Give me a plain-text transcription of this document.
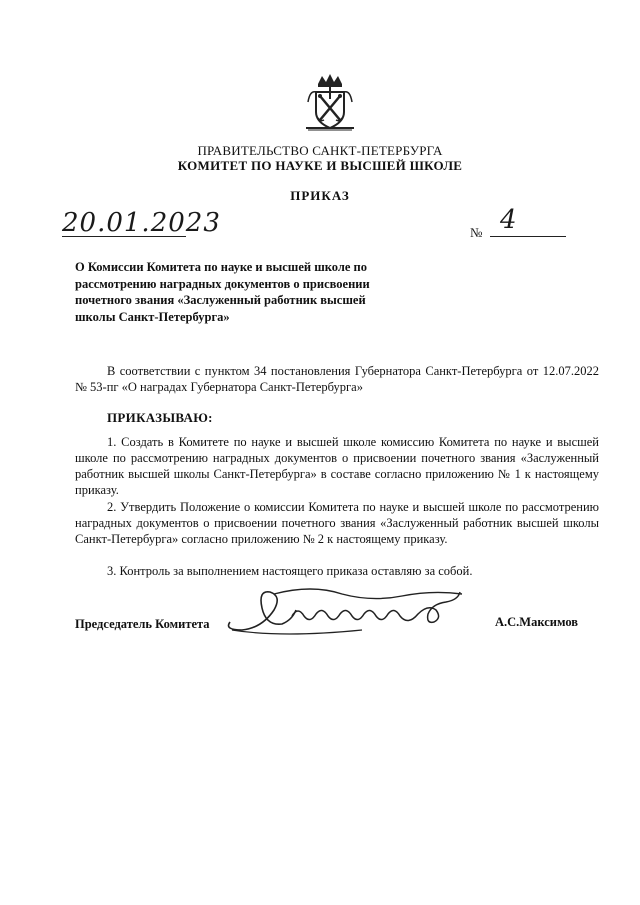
ПРАВИТЕЛЬСТВО САНКТ-ПЕТЕРБУРГА
КОМИТЕТ ПО НАУКЕ И ВЫСШЕЙ ШКОЛЕ
ПРИКАЗ
20.01.2023	№ 4
О Комиссии Комитета по науке и высшей школе по рассмотрению наградных документов о присвоении почетного звания «Заслуженный работник высшей школы Санкт-Петербурга»
В соответствии с пунктом 34 постановления Губернатора Санкт-Петербурга от 12.07.2022 № 53-пг «О наградах Губернатора Санкт-Петербурга»
ПРИКАЗЫВАЮ:
1. Создать в Комитете по науке и высшей школе комиссию Комитета по науке и высшей школе по рассмотрению наградных документов о присвоении почетного звания «Заслуженный работник высшей школы Санкт-Петербурга» в составе согласно приложению № 1 к настоящему приказу.
2. Утвердить Положение о комиссии Комитета по науке и высшей школе по рассмотрению наградных документов о присвоении почетного звания «Заслуженный работник высшей школы Санкт-Петербурга» согласно приложению № 2 к настоящему приказу.
3. Контроль за выполнением настоящего приказа оставляю за собой.
Председатель Комитета	А.С.Максимов
